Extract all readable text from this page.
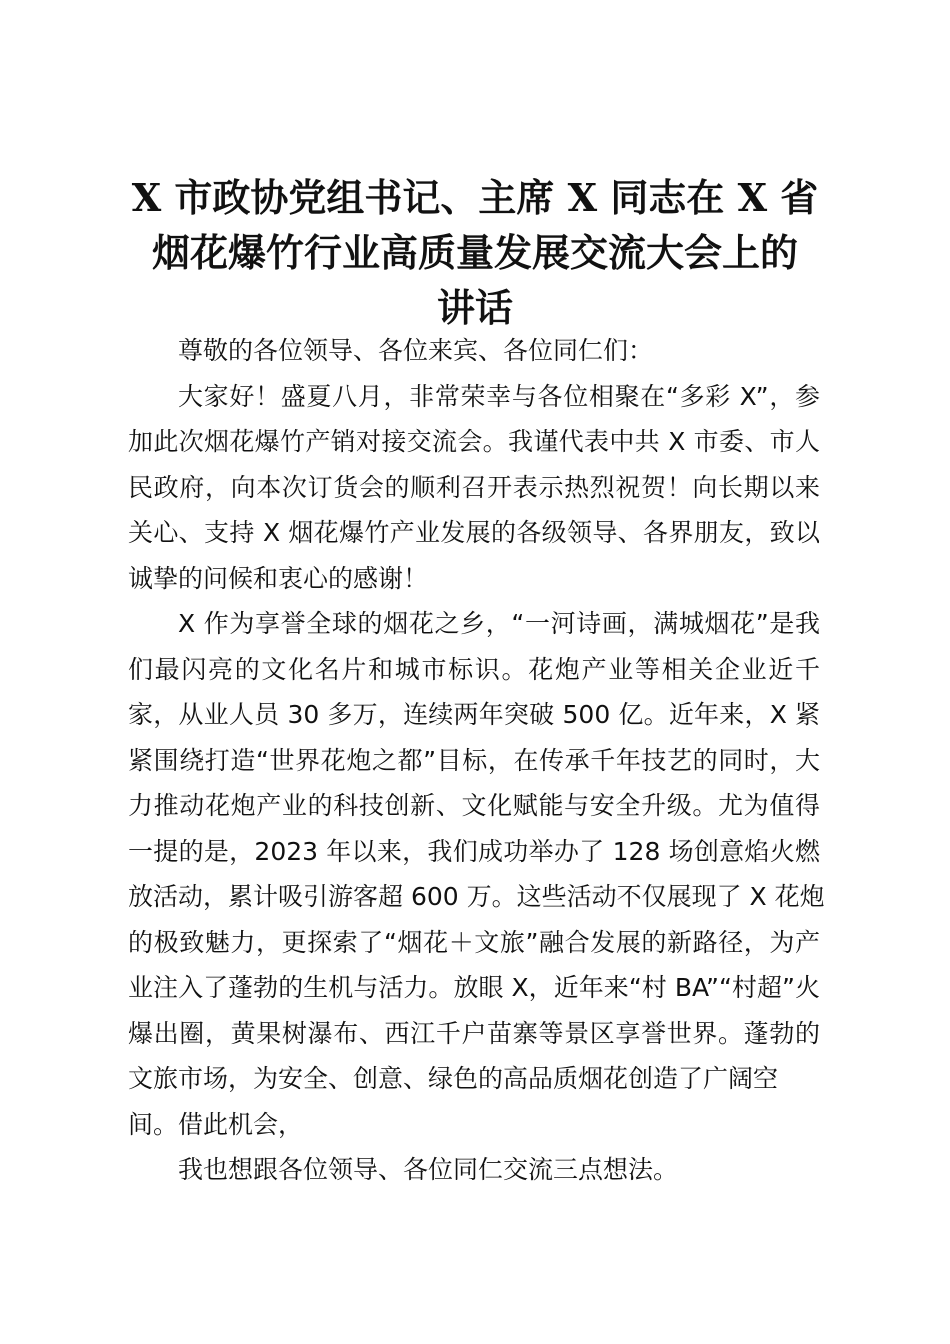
X 市政协党组书记、主席 X 同志在 X 省
烟花爆竹行业高质量发展交流大会上的
讲话
尊敬的各位领导、各位来宾、各位同仁们：
大家好！盛夏八月，非常荣幸与各位相聚在“多彩 X”，参
加此次烟花爆竹产销对接交流会。我谨代表中共 X 市委、市人
民政府，向本次订货会的顺利召开表示热烈祝贺！向长期以来
关心、支持 X 烟花爆竹产业发展的各级领导、各界朋友，致以
诚挚的问候和衷心的感谢！
X 作为享誉全球的烟花之乡，“一河诗画，满城烟花”是我
们最闪亮的文化名片和城市标识。花炮产业等相关企业近千
家，从业人员 30 多万，连续两年突破 500 亿。近年来，X 紧
紧围绕打造“世界花炮之都”目标，在传承千年技艺的同时，大
力推动花炮产业的科技创新、文化赋能与安全升级。尤为值得
一提的是，2023 年以来，我们成功举办了 128 场创意焰火燃
放活动，累计吸引游客超 600 万。这些活动不仅展现了 X 花炮
的极致魅力，更探索了“烟花＋文旅”融合发展的新路径，为产
业注入了蓬勃的生机与活力。放眼 X，近年来“村 BA”“村超”火
爆出圈，黄果树瀑布、西江千户苗寨等景区享誉世界。蓬勃的
文旅市场，为安全、创意、绿色的高品质烟花创造了广阔空
间。借此机会，
我也想跟各位领导、各位同仁交流三点想法。
